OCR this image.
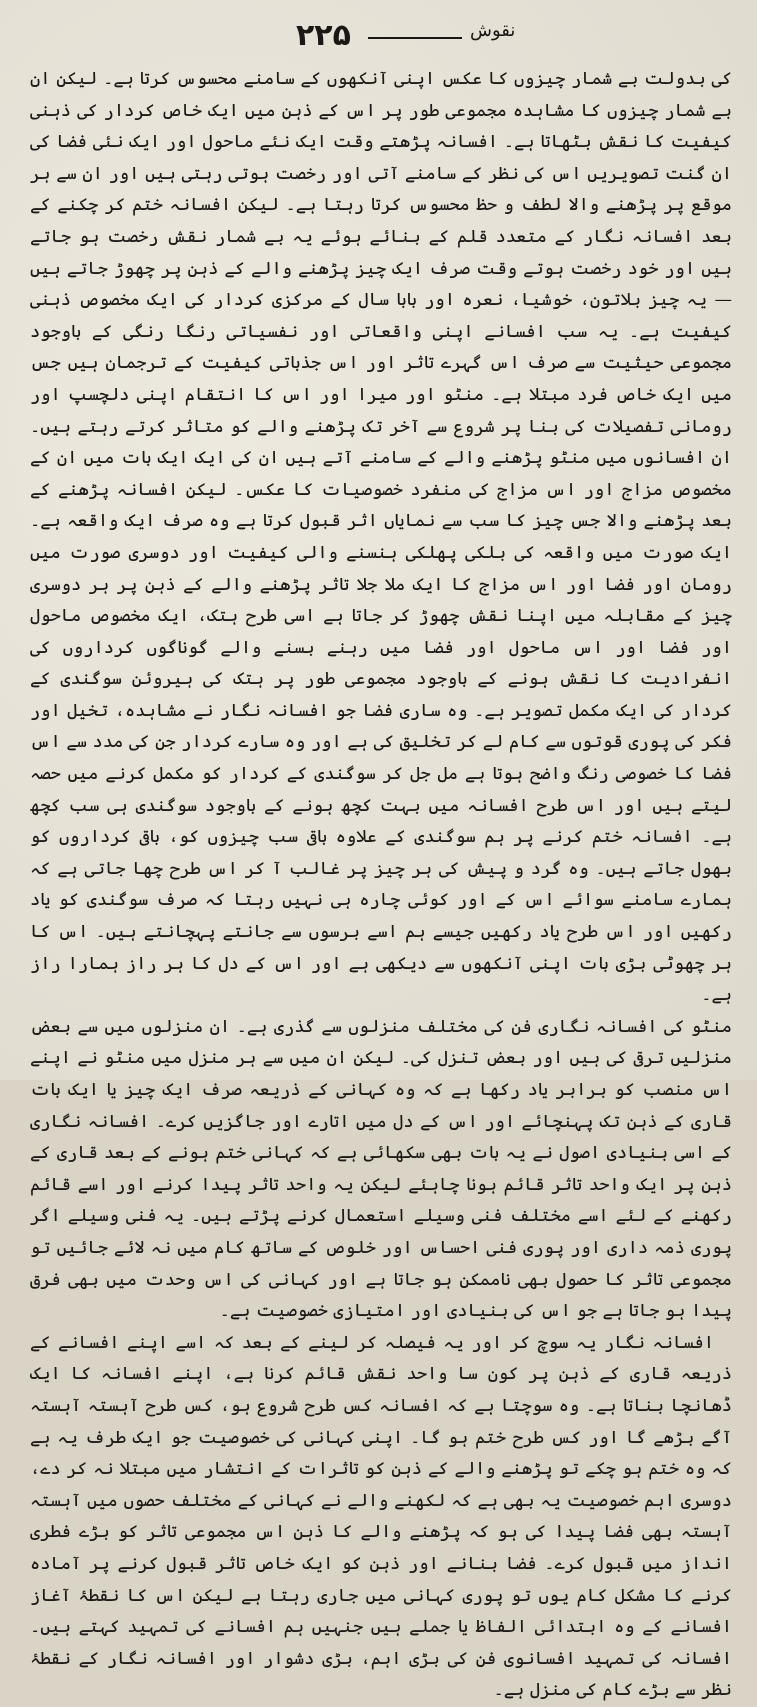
نقوش
۲۲۵

کی بدولت بے شمار چیزوں کا عکس اپنی آنکھوں کے سامنے محسوس کرتا ہے۔ لیکن ان بے شمار چیزوں کا مشاہدہ مجموعی طور پر اس کے ذہن میں ایک خاص کردار کی ذہنی کیفیت کا نقش بٹھاتا ہے۔ افسانہ پڑھتے وقت ایک نئے ماحول اور ایک نئی فضا کی ان گنت تصویریں اس کی نظر کے سامنے آتی اور رخصت ہوتی رہتی ہیں اور ان سے ہر موقع پر پڑھنے والا لطف و حظ محسوس کرتا رہتا ہے۔ لیکن افسانہ ختم کر چکنے کے بعد افسانہ نگار کے متعدد قلم کے بنائے ہوئے یہ بے شمار نقش رخصت ہو جاتے ہیں اور خود رخصت ہوتے وقت صرف ایک چیز پڑھنے والے کے ذہن پر چھوڑ جاتے ہیں — یہ چیز بلاتون، خوشیا، نعرہ اور بابا سال کے مرکزی کردار کی ایک مخصوص ذہنی کیفیت ہے۔ یہ سب افسانے اپنی واقعاتی اور نفسیاتی رنگا رنگی کے باوجود مجموعی حیثیت سے صرف اس گہرے تاثر اور اس جذباتی کیفیت کے ترجمان ہیں جس میں ایک خاص فرد مبتلا ہے۔ منٹو اور میرا اور اس کا انتقام اپنی دلچسپ اور رومانی تفصیلات کی بنا پر شروع سے آخر تک پڑھنے والے کو متاثر کرتے رہتے ہیں۔ ان افسانوں میں منٹو پڑھنے والے کے سامنے آتے ہیں ان کی ایک ایک بات میں ان کے مخصوص مزاج اور اس مزاج کی منفرد خصوصیات کا عکس۔ لیکن افسانہ پڑھنے کے بعد پڑھنے والا جس چیز کا سب سے نمایاں اثر قبول کرتا ہے وہ صرف ایک واقعہ ہے۔ ایک صورت میں واقعہ کی بلکی پھلکی ہنسنے والی کیفیت اور دوسری صورت میں رومان اور فضا اور اس مزاج کا ایک ملا جلا تاثر پڑھنے والے کے ذہن پر ہر دوسری چیز کے مقابلہ میں اپنا نقش چھوڑ کر جاتا ہے اسی طرح ہتک، ایک مخصوص ماحول اور فضا اور اس ماحول اور فضا میں رہنے بسنے والے گوناگوں کرداروں کی انفرادیت کا نقش ہونے کے باوجود مجموعی طور پر ہتک کی ہیروئن سوگندی کے کردار کی ایک مکمل تصویر ہے۔ وہ ساری فضا جو افسانہ نگار نے مشاہدہ، تخیل اور فکر کی پوری قوتوں سے کام لے کر تخلیق کی ہے اور وہ سارے کردار جن کی مدد سے اس فضا کا خصوصی رنگ واضح ہوتا ہے مل جل کر سوگندی کے کردار کو مکمل کرنے میں حصہ لیتے ہیں اور اس طرح افسانہ میں بہت کچھ ہونے کے باوجود سوگندی ہی سب کچھ ہے۔ افسانہ ختم کرنے پر ہم سوگندی کے علاوہ باقی سب چیزوں کو، باقی کرداروں کو بھول جاتے ہیں۔ وہ گرد و پیش کی ہر چیز پر غالب آ کر اس طرح چھا جاتی ہے کہ ہمارے سامنے سوائے اس کے اور کوئی چارہ ہی نہیں رہتا کہ صرف سوگندی کو یاد رکھیں اور اس طرح یاد رکھیں جیسے ہم اسے برسوں سے جانتے پہچانتے ہیں۔ اس کا ہر چھوٹی بڑی بات اپنی آنکھوں سے دیکھی ہے اور اس کے دل کا ہر راز ہمارا راز ہے۔

منٹو کی افسانہ نگاری فن کی مختلف منزلوں سے گذری ہے۔ ان منزلوں میں سے بعض منزلیں ترقی کی ہیں اور بعض تنزل کی۔ لیکن ان میں سے ہر منزل میں منٹو نے اپنے اس منصب کو برابر یاد رکھا ہے کہ وہ کہانی کے ذریعہ صرف ایک چیز یا ایک بات قاری کے ذہن تک پہنچائے اور اس کے دل میں اتارے اور جاگزیں کرے۔ افسانہ نگاری کے اسی بنیادی اصول نے یہ بات بھی سکھائی ہے کہ کہانی ختم ہونے کے بعد قاری کے ذہن پر ایک واحد تاثر قائم ہونا چاہئے لیکن یہ واحد تاثر پیدا کرنے اور اسے قائم رکھنے کے لئے اسے مختلف فنی وسیلے استعمال کرنے پڑتے ہیں۔ یہ فنی وسیلے اگر پوری ذمہ داری اور پوری فنی احساس اور خلوص کے ساتھ کام میں نہ لائے جائیں تو مجموعی تاثر کا حصول بھی ناممکن ہو جاتا ہے اور کہانی کی اس وحدت میں بھی فرق پیدا ہو جاتا ہے جو اس کی بنیادی اور امتیازی خصوصیت ہے۔

افسانہ نگار یہ سوچ کر اور یہ فیصلہ کر لینے کے بعد کہ اسے اپنے افسانے کے ذریعہ قاری کے ذہن پر کون سا واحد نقش قائم کرنا ہے، اپنے افسانہ کا ایک ڈھانچا بناتا ہے۔ وہ سوچتا ہے کہ افسانہ کس طرح شروع ہو، کس طرح آہستہ آہستہ آگے بڑھے گا اور کس طرح ختم ہو گا۔ اپنی کہانی کی خصوصیت جو ایک طرف یہ ہے کہ وہ ختم ہو چکے تو پڑھنے والے کے ذہن کو تاثرات کے انتشار میں مبتلا نہ کر دے، دوسری اہم خصوصیت یہ بھی ہے کہ لکھنے والے نے کہانی کے مختلف حصوں میں آہستہ آہستہ بھی فضا پیدا کی ہو کہ پڑھنے والے کا ذہن اس مجموعی تاثر کو بڑے فطری انداز میں قبول کرے۔ فضا بنانے اور ذہن کو ایک خاص تاثر قبول کرنے پر آمادہ کرنے کا مشکل کام یوں تو پوری کہانی میں جاری رہتا ہے لیکن اس کا نقطۂ آغاز افسانے کے وہ ابتدائی الفاظ یا جملے ہیں جنہیں ہم افسانے کی تمہید کہتے ہیں۔ افسانہ کی تمہید افسانوی فن کی بڑی اہم، بڑی دشوار اور افسانہ نگار کے نقطۂ نظر سے بڑے کام کی منزل ہے۔
